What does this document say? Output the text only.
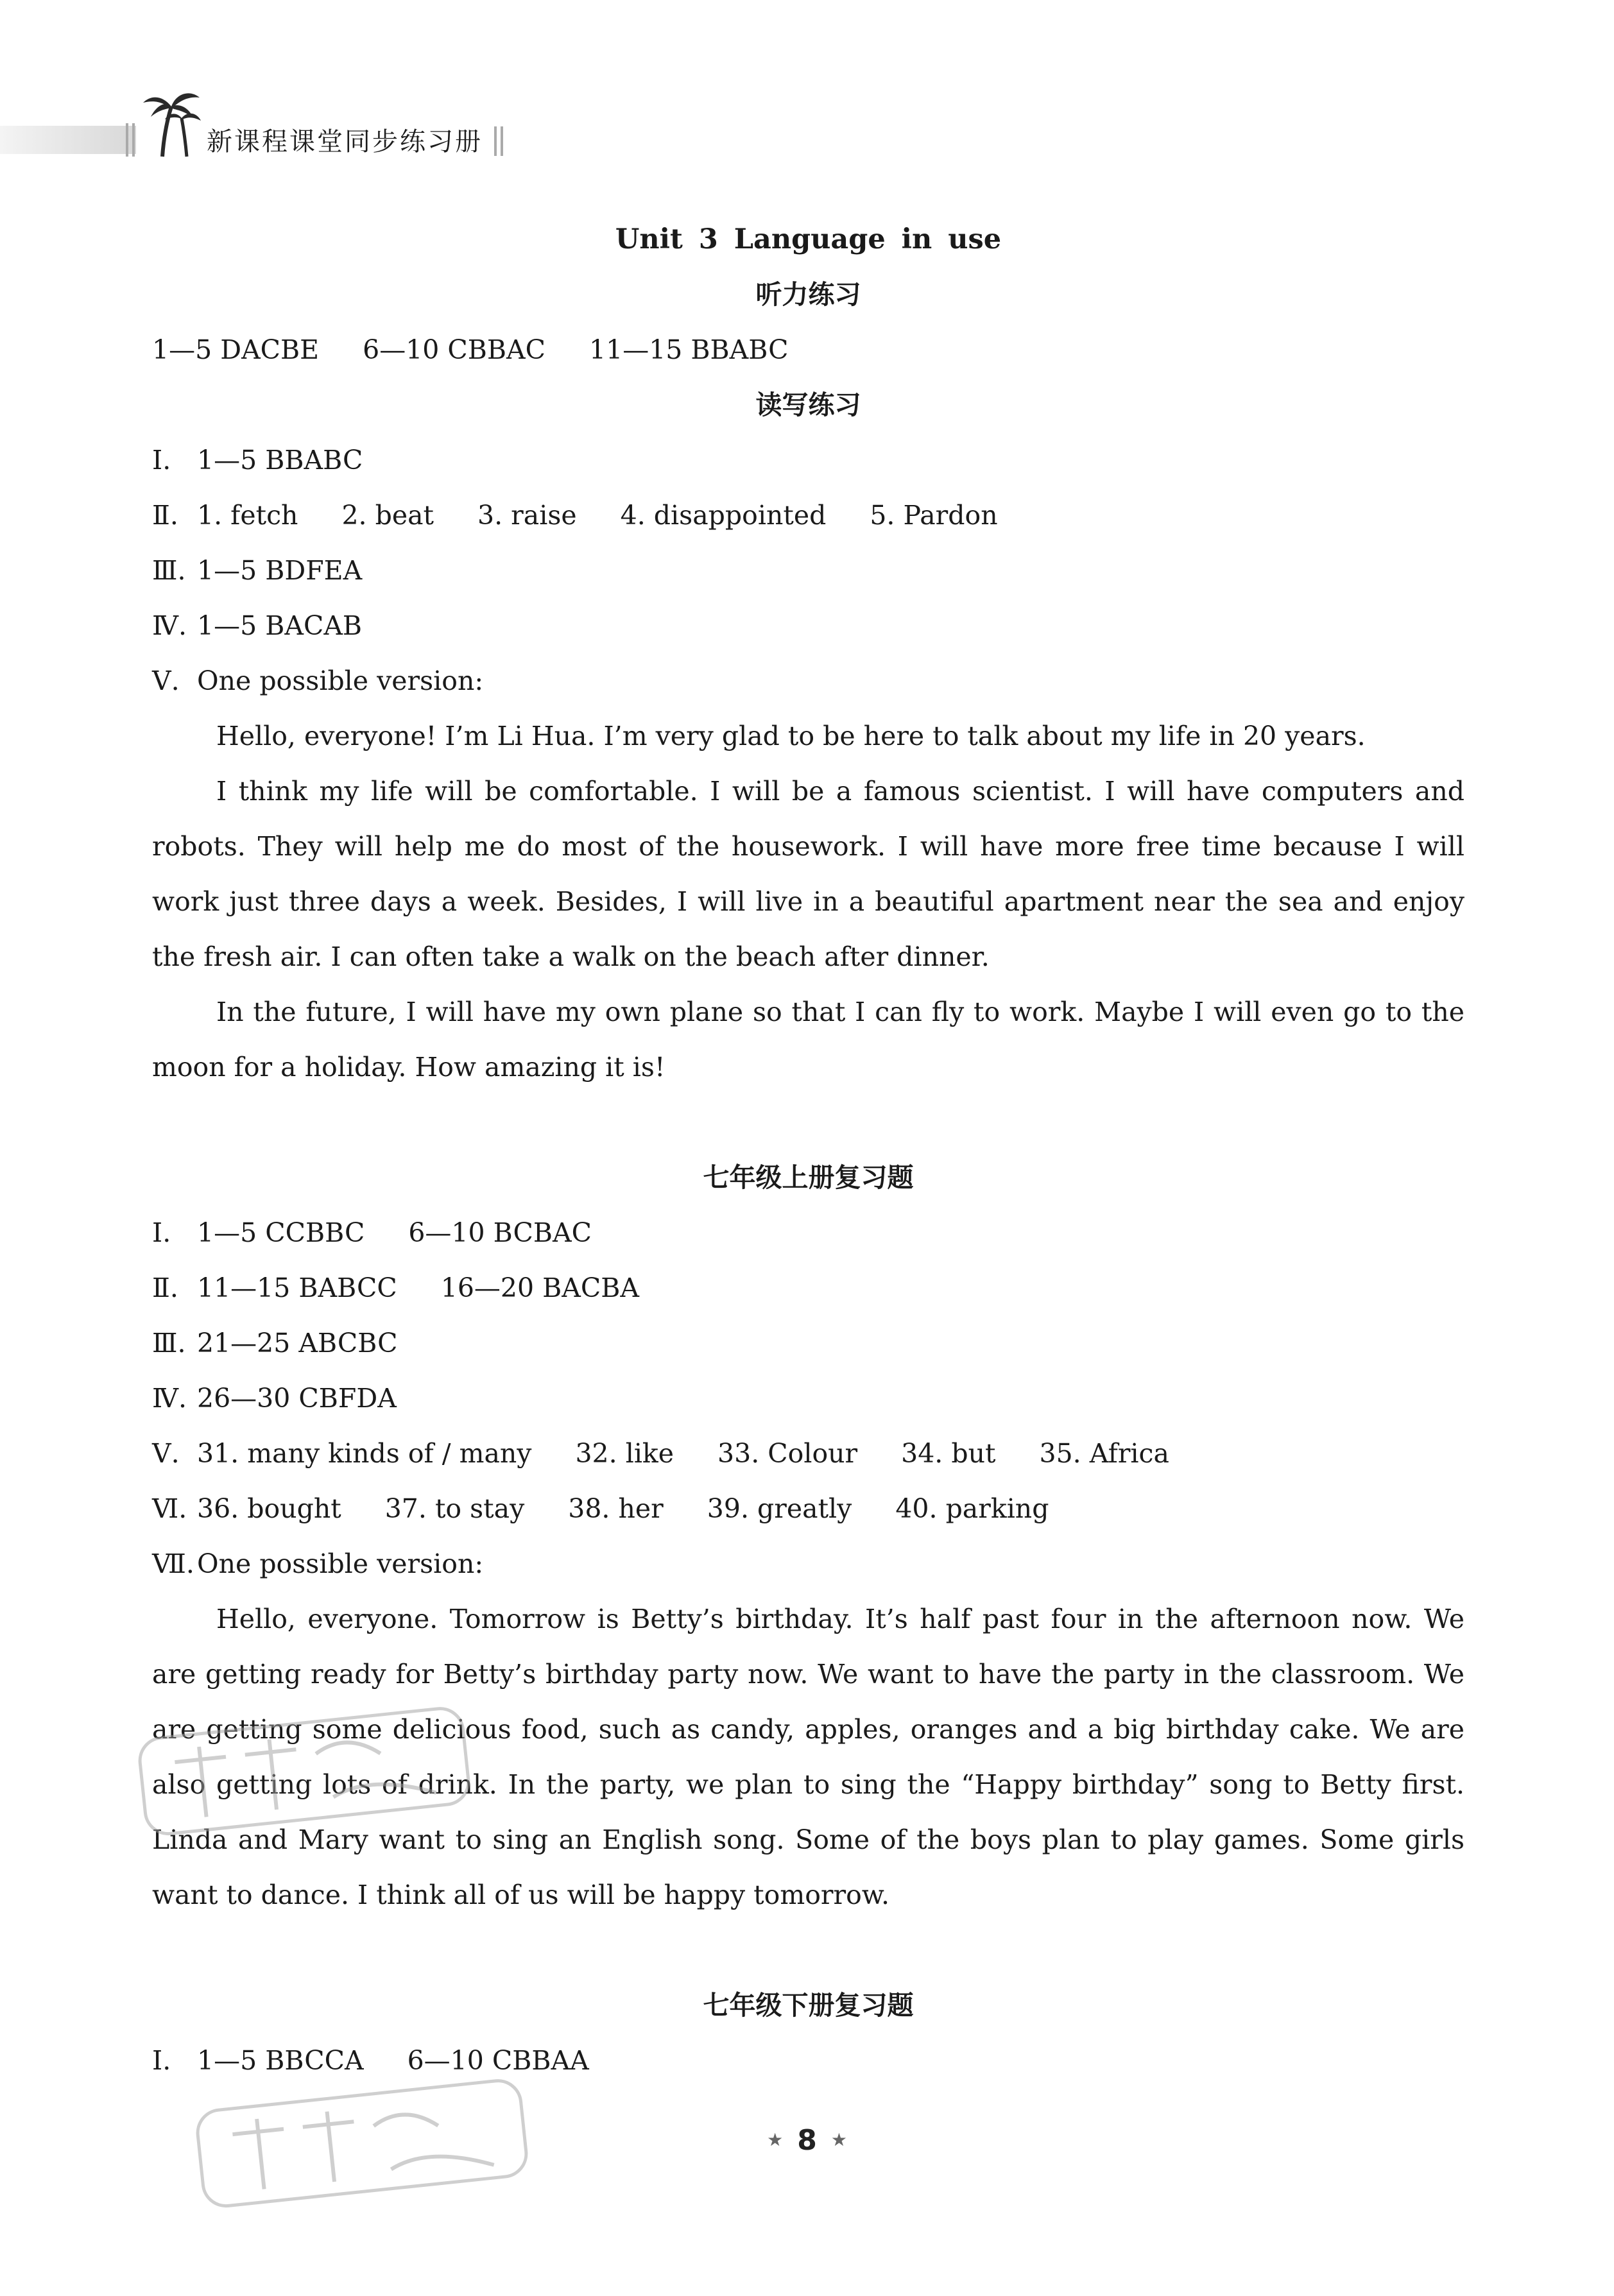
新课程课堂同步练习册
Unit 3 Language in use
听力练习
1—5 DACBE 6—10 CBBAC 11—15 BBABC
读写练习
Ⅰ. 1—5 BBABC
Ⅱ. 1. fetch 2. beat 3. raise 4. disappointed 5. Pardon
Ⅲ. 1—5 BDFEA
Ⅳ. 1—5 BACAB
Ⅴ. One possible version:

Hello, everyone! I’m Li Hua. I’m very glad to be here to talk about my life in 20 years.

I think my life will be comfortable. I will be a famous scientist. I will have computers and robots. They will help me do most of the housework. I will have more free time because I will work just three days a week. Besides, I will live in a beautiful apartment near the sea and enjoy the fresh air. I can often take a walk on the beach after dinner.

In the future, I will have my own plane so that I can fly to work. Maybe I will even go to the moon for a holiday. How amazing it is!

七年级上册复习题
Ⅰ. 1—5 CCBBC 6—10 BCBAC
Ⅱ. 11—15 BABCC 16—20 BACBA
Ⅲ. 21—25 ABCBC
Ⅳ. 26—30 CBFDA
Ⅴ. 31. many kinds of / many 32. like 33. Colour 34. but 35. Africa
Ⅵ. 36. bought 37. to stay 38. her 39. greatly 40. parking
Ⅶ.One possible version:

Hello, everyone. Tomorrow is Betty’s birthday. It’s half past four in the afternoon now. We are getting ready for Betty’s birthday party now. We want to have the party in the classroom. We are getting some delicious food, such as candy, apples, oranges and a big birthday cake. We are also getting lots of drink. In the party, we plan to sing the “Happy birthday” song to Betty first. Linda and Mary want to sing an English song. Some of the boys plan to play games. Some girls want to dance. I think all of us will be happy tomorrow.

七年级下册复习题
Ⅰ. 1—5 BBCCA 6—10 CBBAA
★ 8 ★
